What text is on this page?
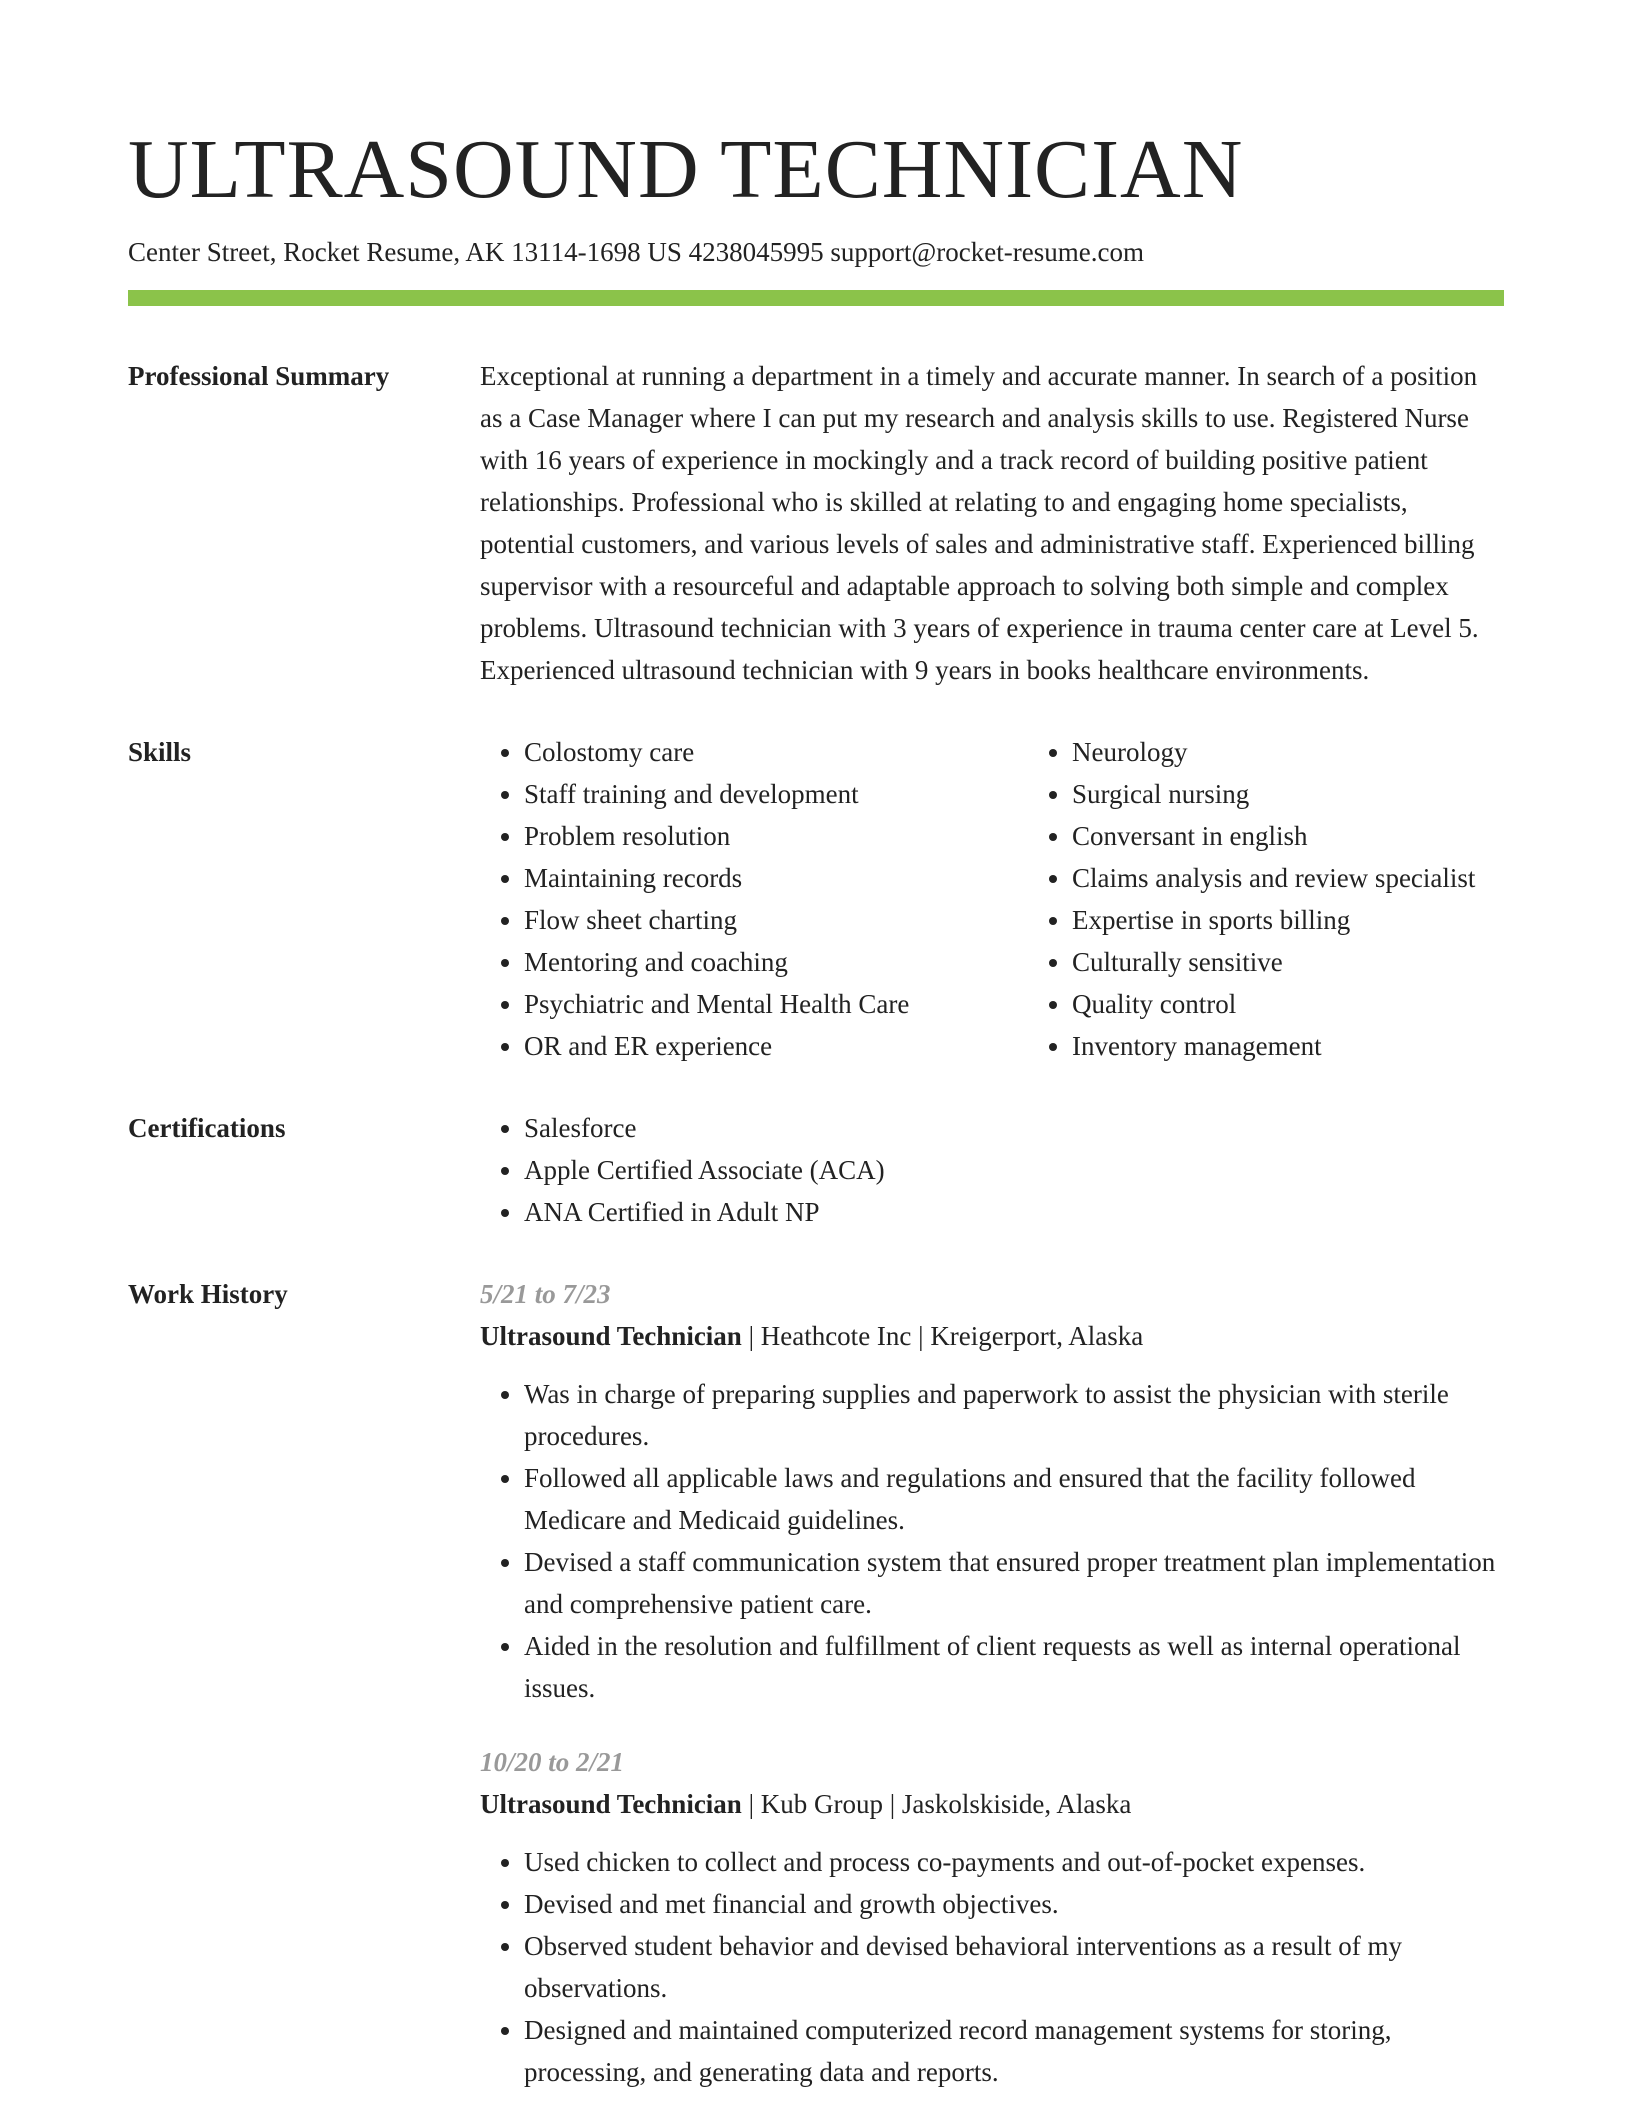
ULTRASOUND TECHNICIAN
Center Street, Rocket Resume, AK 13114-1698 US 4238045995 support@rocket-resume.com
Professional Summary	Exceptional at running a department in a timely and accurate manner. In search of a position as a Case Manager where I can put my research and analysis skills to use. Registered Nurse with 16 years of experience in mockingly and a track record of building positive patient relationships. Professional who is skilled at relating to and engaging home specialists, potential customers, and various levels of sales and administrative staff. Experienced billing supervisor with a resourceful and adaptable approach to solving both simple and complex problems. Ultrasound technician with 3 years of experience in trauma center care at Level 5. Experienced ultrasound technician with 9 years in books healthcare environments.

Skills	• Colostomy care
• Staff training and development
• Problem resolution
• Maintaining records
• Flow sheet charting
• Mentoring and coaching
• Psychiatric and Mental Health Care
• OR and ER experience
• Neurology
• Surgical nursing
• Conversant in english
• Claims analysis and review specialist
• Expertise in sports billing
• Culturally sensitive
• Quality control
• Inventory management
Certifications	• Salesforce
• Apple Certified Associate (ACA)
• ANA Certified in Adult NP
Work History	5/21 to 7/23
Ultrasound Technician | Heathcote Inc | Kreigerport, Alaska
• Was in charge of preparing supplies and paperwork to assist the physician with sterile procedures.
• Followed all applicable laws and regulations and ensured that the facility followed Medicare and Medicaid guidelines.
• Devised a staff communication system that ensured proper treatment plan implementation and comprehensive patient care.
• Aided in the resolution and fulfillment of client requests as well as internal operational issues.
10/20 to 2/21
Ultrasound Technician | Kub Group | Jaskolskiside, Alaska
• Used chicken to collect and process co-payments and out-of-pocket expenses.
• Devised and met financial and growth objectives.
• Observed student behavior and devised behavioral interventions as a result of my observations.
• Designed and maintained computerized record management systems for storing, processing, and generating data and reports.
